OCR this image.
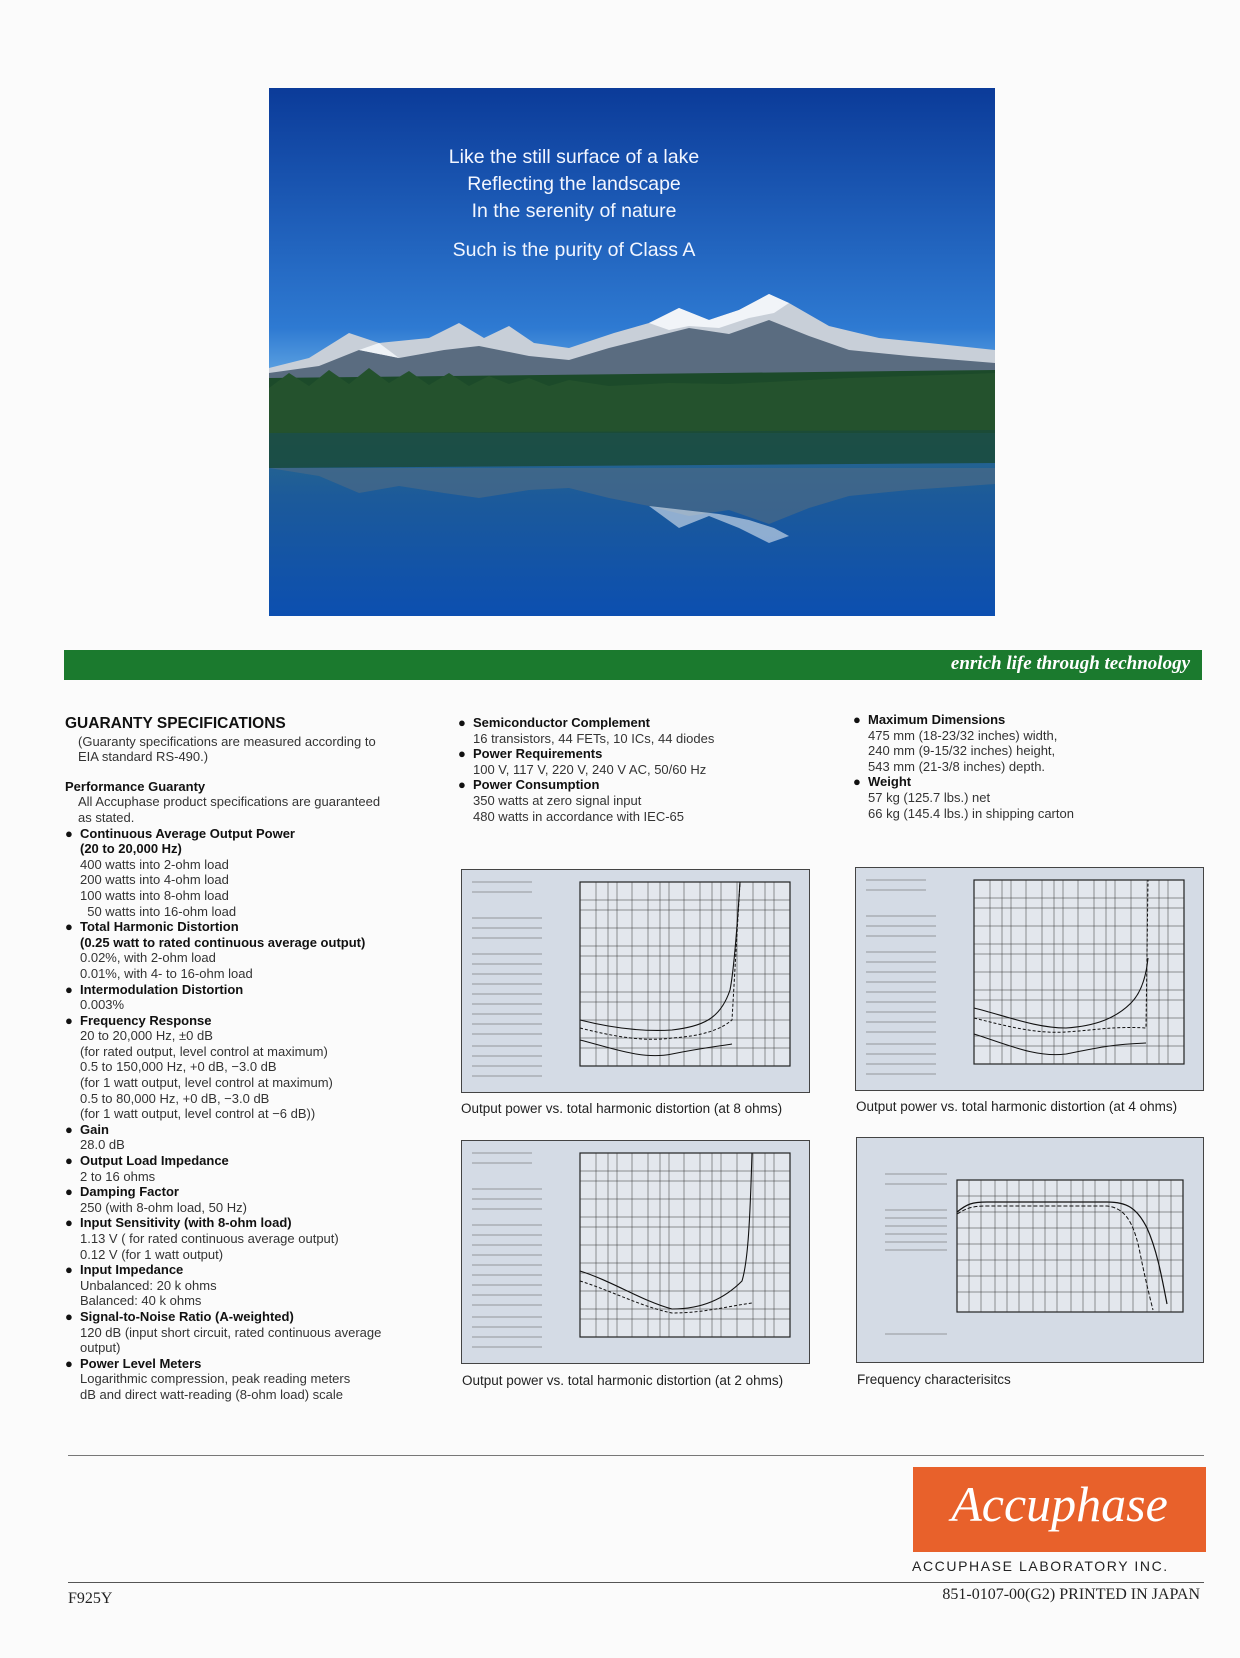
Like the still surface of a lake
Reflecting the landscape
In the serenity of nature
Such is the purity of Class A
enrich life through technology
GUARANTY SPECIFICATIONS
(Guaranty specifications are measured according to
EIA standard RS-490.)
Performance Guaranty
All Accuphase product specifications are guaranteed
as stated.
● Continuous Average Output Power
(20 to 20,000 Hz)
400 watts into 2-ohm load
200 watts into 4-ohm load
100 watts into 8-ohm load
50 watts into 16-ohm load
● Total Harmonic Distortion
(0.25 watt to rated continuous average output)
0.02%, with 2-ohm load
0.01%, with 4- to 16-ohm load
● Intermodulation Distortion
0.003%
● Frequency Response
20 to 20,000 Hz, ±0 dB
(for rated output, level control at maximum)
0.5 to 150,000 Hz, +0 dB, −3.0 dB
(for 1 watt output, level control at maximum)
0.5 to 80,000 Hz, +0 dB, −3.0 dB
(for 1 watt output, level control at −6 dB))
● Gain
28.0 dB
● Output Load Impedance
2 to 16 ohms
● Damping Factor
250 (with 8-ohm load, 50 Hz)
● Input Sensitivity (with 8-ohm load)
1.13 V ( for rated continuous average output)
0.12 V (for 1 watt output)
● Input Impedance
Unbalanced: 20 k ohms
Balanced: 40 k ohms
● Signal-to-Noise Ratio (A-weighted)
120 dB (input short circuit, rated continuous average
output)
● Power Level Meters
Logarithmic compression, peak reading meters
dB and direct watt-reading (8-ohm load) scale
● Semiconductor Complement
16 transistors, 44 FETs, 10 ICs, 44 diodes
● Power Requirements
100 V, 117 V, 220 V, 240 V AC, 50/60 Hz
● Power Consumption
350 watts at zero signal input
480 watts in accordance with IEC-65
● Maximum Dimensions
475 mm (18-23/32 inches) width,
240 mm (9-15/32 inches) height,
543 mm (21-3/8 inches) depth.
● Weight
57 kg (125.7 lbs.) net
66 kg (145.4 lbs.) in shipping carton
Output power vs. total harmonic distortion (at 8 ohms)	Output power vs. total harmonic distortion (at 4 ohms)
Output power vs. total harmonic distortion (at 2 ohms)	Frequency characterisitcs
Accuphase
ACCUPHASE LABORATORY INC.
F925Y	851-0107-00(G2) PRINTED IN JAPAN
